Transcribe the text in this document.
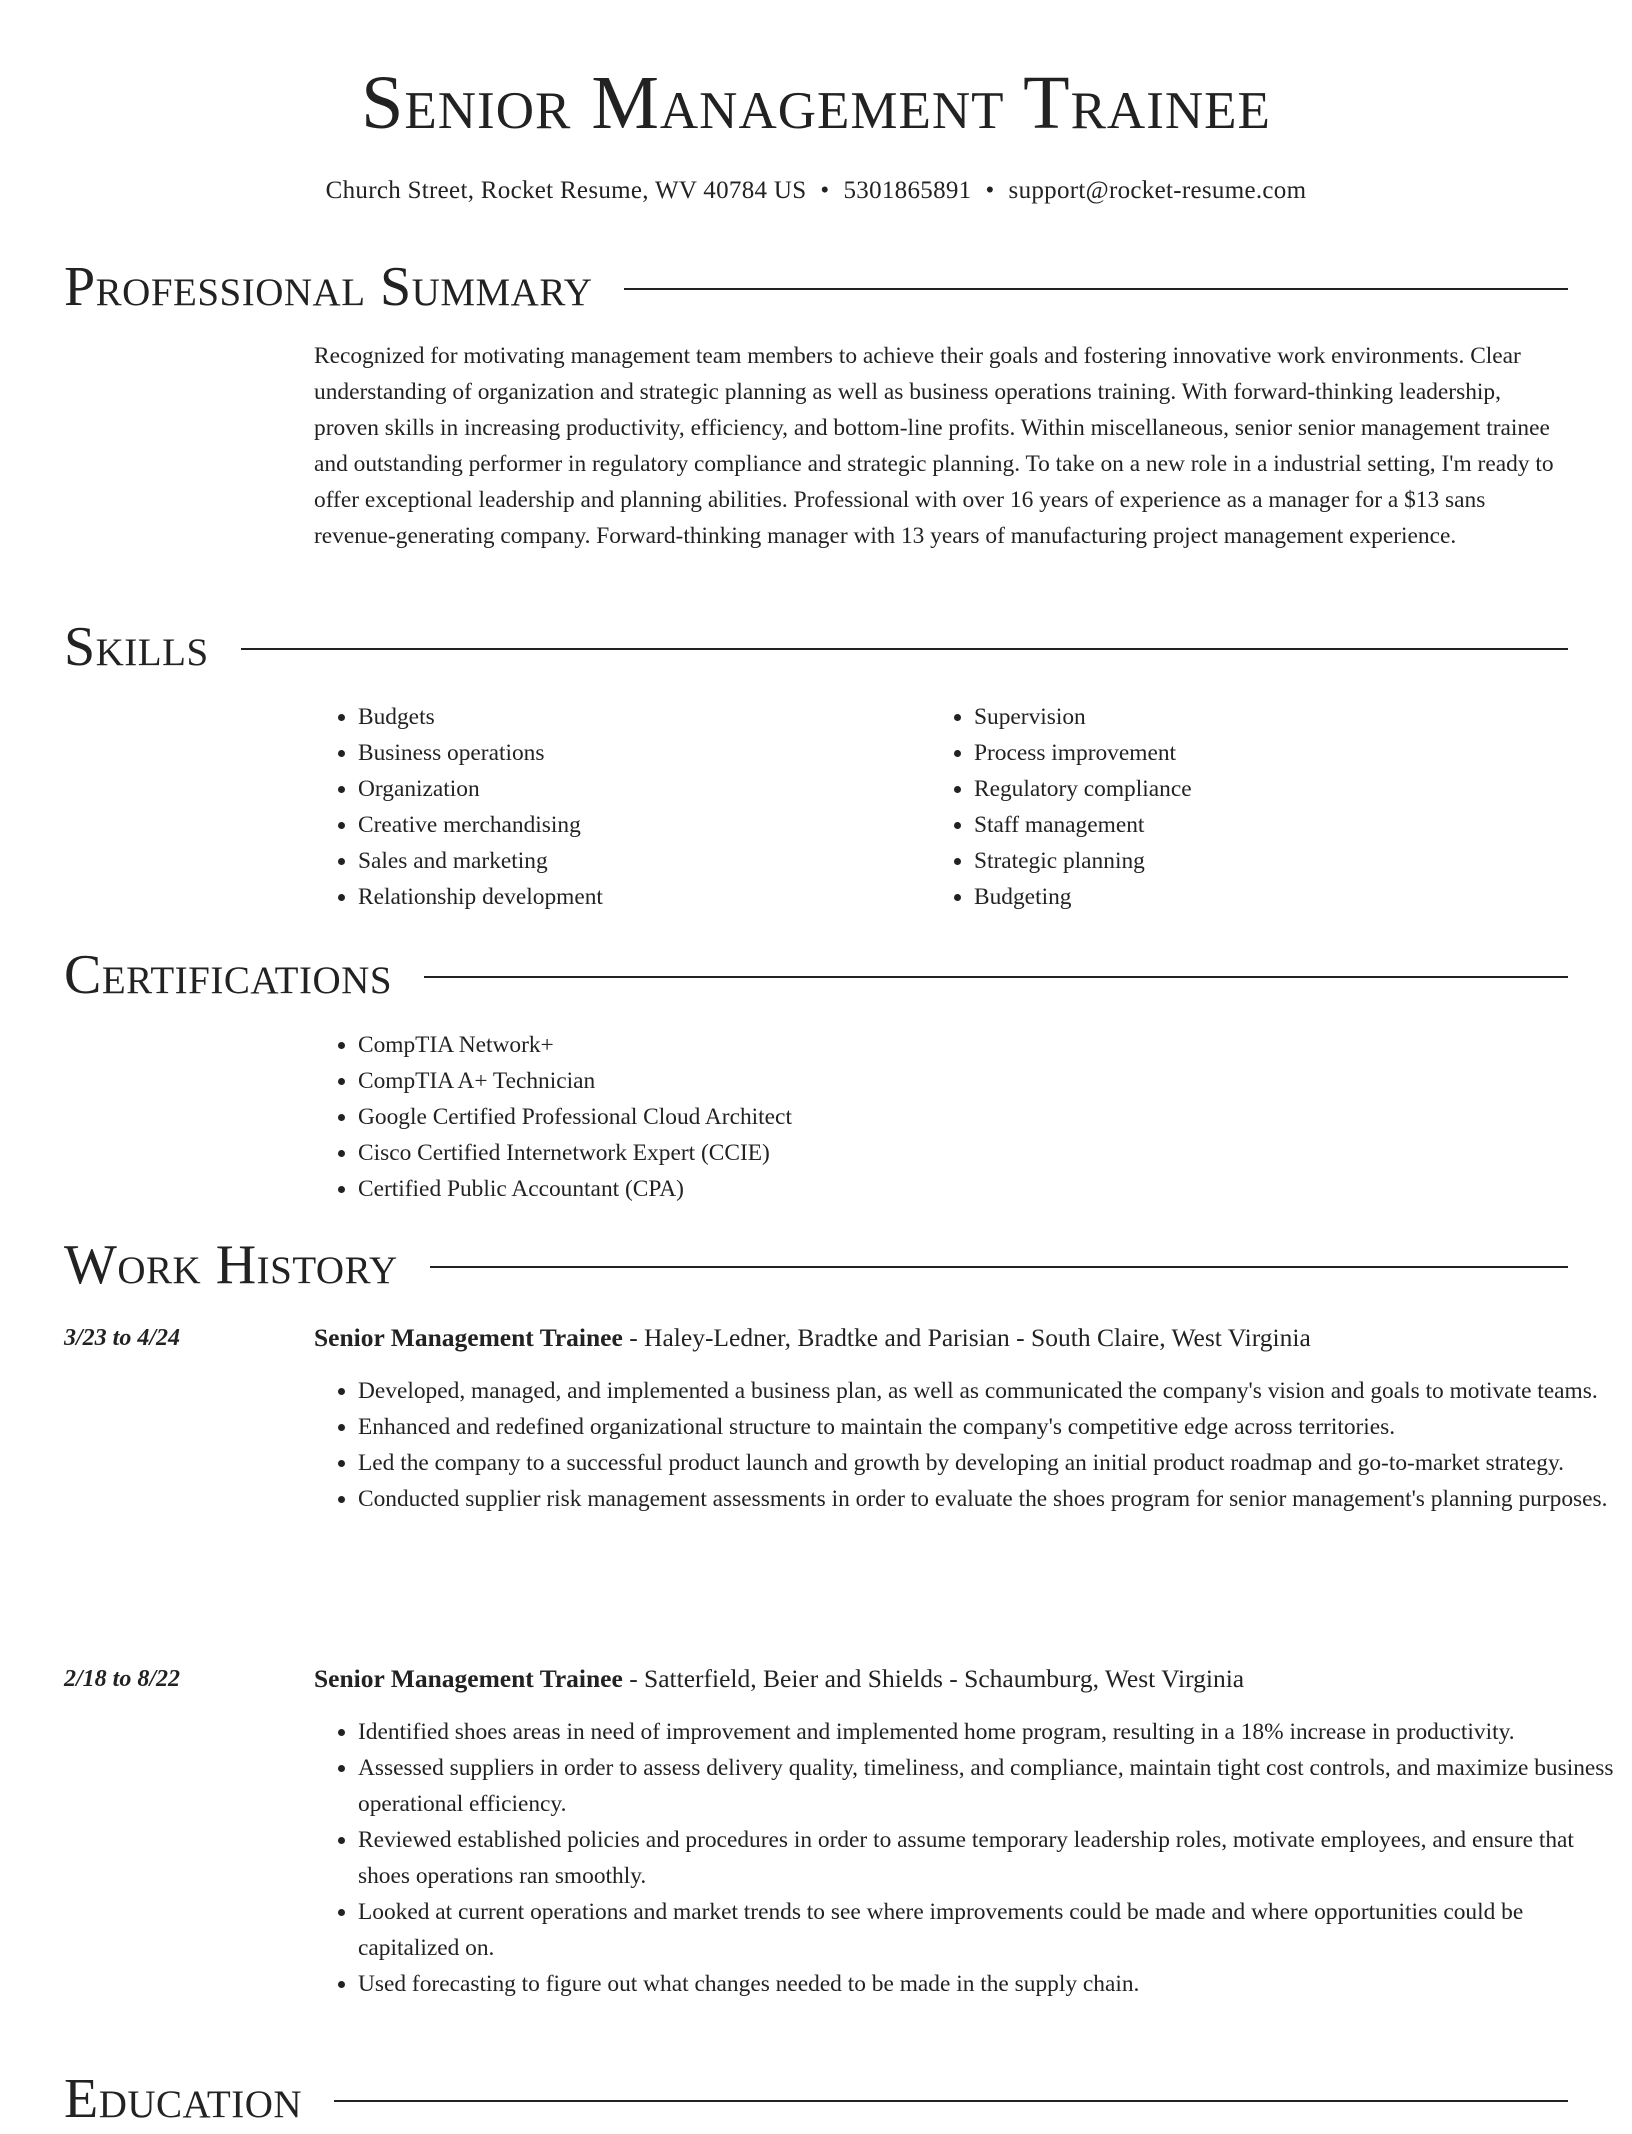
Senior Management Trainee
Church Street, Rocket Resume, WV 40784 US • 5301865891 • support@rocket-resume.com
Professional Summary

Recognized for motivating management team members to achieve their goals and fostering innovative work environments. Clear understanding of organization and strategic planning as well as business operations training. With forward-thinking leadership, proven skills in increasing productivity, efficiency, and bottom-line profits. Within miscellaneous, senior senior management trainee and outstanding performer in regulatory compliance and strategic planning. To take on a new role in a industrial setting, I'm ready to offer exceptional leadership and planning abilities. Professional with over 16 years of experience as a manager for a $13 sans revenue-generating company. Forward-thinking manager with 13 years of manufacturing project management experience.

Skills
• Budgets
• Business operations
• Organization
• Creative merchandising
• Sales and marketing
• Relationship development
• Supervision
• Process improvement
• Regulatory compliance
• Staff management
• Strategic planning
• Budgeting
Certifications
• CompTIA Network+
• CompTIA A+ Technician
• Google Certified Professional Cloud Architect
• Cisco Certified Internetwork Expert (CCIE)
• Certified Public Accountant (CPA)
Work History
3/23 to 4/24	Senior Management Trainee - Haley-Ledner, Bradtke and Parisian - South Claire, West Virginia
• Developed, managed, and implemented a business plan, as well as communicated the company's vision and goals to motivate teams.
• Enhanced and redefined organizational structure to maintain the company's competitive edge across territories.
• Led the company to a successful product launch and growth by developing an initial product roadmap and go-to-market strategy.
• Conducted supplier risk management assessments in order to evaluate the shoes program for senior management's planning purposes.
2/18 to 8/22	Senior Management Trainee - Satterfield, Beier and Shields - Schaumburg, West Virginia
• Identified shoes areas in need of improvement and implemented home program, resulting in a 18% increase in productivity.
• Assessed suppliers in order to assess delivery quality, timeliness, and compliance, maintain tight cost controls, and maximize business operational efficiency.
• Reviewed established policies and procedures in order to assume temporary leadership roles, motivate employees, and ensure that shoes operations ran smoothly.
• Looked at current operations and market trends to see where improvements could be made and where opportunities could be capitalized on.
• Used forecasting to figure out what changes needed to be made in the supply chain.
Education
